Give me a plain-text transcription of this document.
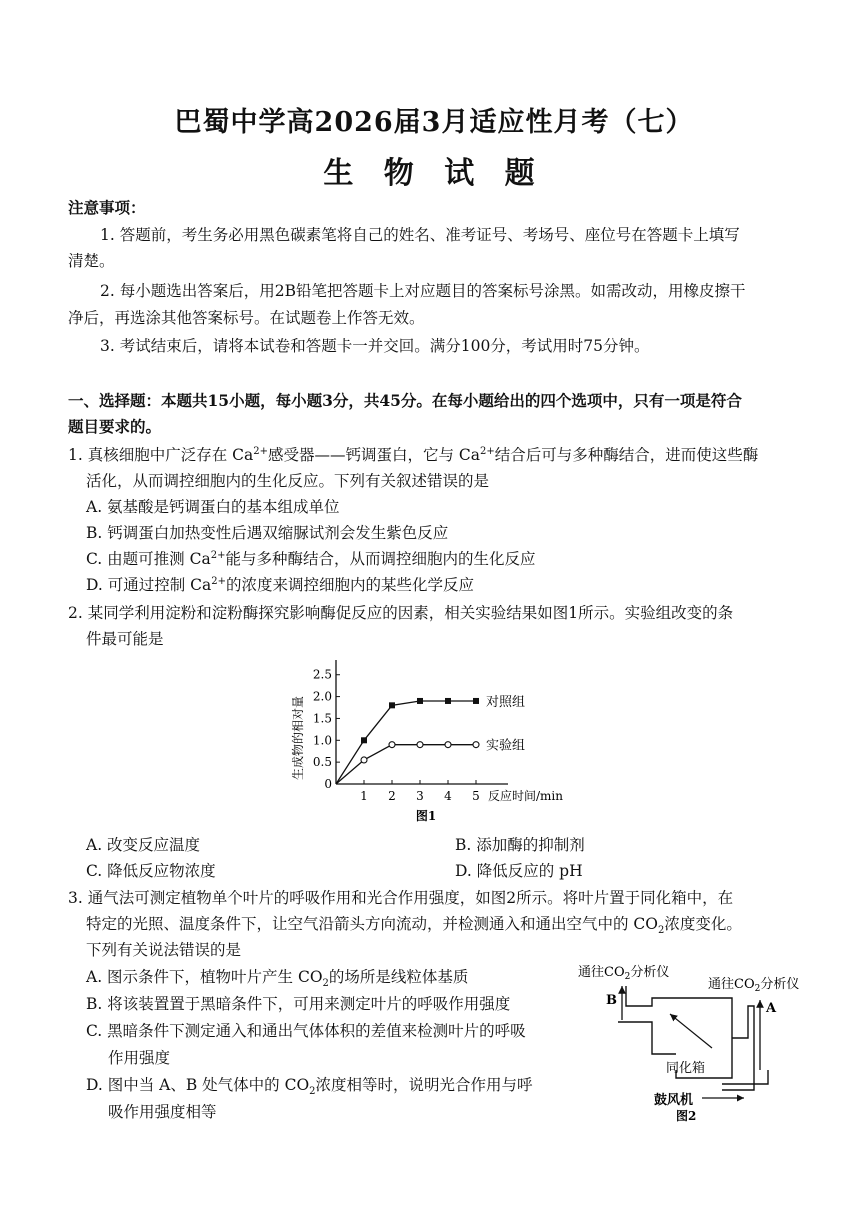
巴蜀中学高2026届3月适应性月考（七）
生 物 试 题
注意事项：
1. 答题前，考生务必用黑色碳素笔将自己的姓名、准考证号、考场号、座位号在答题卡上填写
清楚。
2. 每小题选出答案后，用2B铅笔把答题卡上对应题目的答案标号涂黑。如需改动，用橡皮擦干
净后，再选涂其他答案标号。在试题卷上作答无效。
3. 考试结束后，请将本试卷和答题卡一并交回。满分100分，考试用时75分钟。
一、选择题：本题共15小题，每小题3分，共45分。在每小题给出的四个选项中，只有一项是符合
题目要求的。
1. 真核细胞中广泛存在 $Ca^{2+}$感受器——钙调蛋白，它与 $Ca^{2+}$结合后可与多种酶结合，进而使这些酶
活化，从而调控细胞内的生化反应。下列有关叙述错误的是
A. 氨基酸是钙调蛋白的基本组成单位
B. 钙调蛋白加热变性后遇双缩脲试剂会发生紫色反应
C. 由题可推测 $Ca^{2+}$能与多种酶结合，从而调控细胞内的生化反应
D. 可通过控制 $Ca^{2+}$的浓度来调控细胞内的某些化学反应
2. 某同学利用淀粉和淀粉酶探究影响酶促反应的因素，相关实验结果如图1所示。实验组改变的条
件最可能是
0
0.5
1.0
1.5
2.0
2.5
1 2 3 4 5 反应时间/min
生成物的相对量
图1
对照组
实验组
A. 改变反应温度	B. 添加酶的抑制剂
C. 降低反应物浓度	D. 降低反应的 pH
3. 通气法可测定植物单个叶片的呼吸作用和光合作用强度，如图2所示。将叶片置于同化箱中，在
特定的光照、温度条件下，让空气沿箭头方向流动，并检测通入和通出空气中的 $CO_2$浓度变化。
下列有关说法错误的是
A. 图示条件下，植物叶片产生 $CO_2$的场所是线粒体基质
B. 将该装置置于黑暗条件下，可用来测定叶片的呼吸作用强度
C. 黑暗条件下测定通入和通出气体体积的差值来检测叶片的呼吸
作用强度
D. 图中当 A、B 处气体中的 $CO_2$浓度相等时，说明光合作用与呼
吸作用强度相等
通往$CO_2$分析仪
通往$CO_2$分析仪
B
A
同化箱
鼓风机
图2
